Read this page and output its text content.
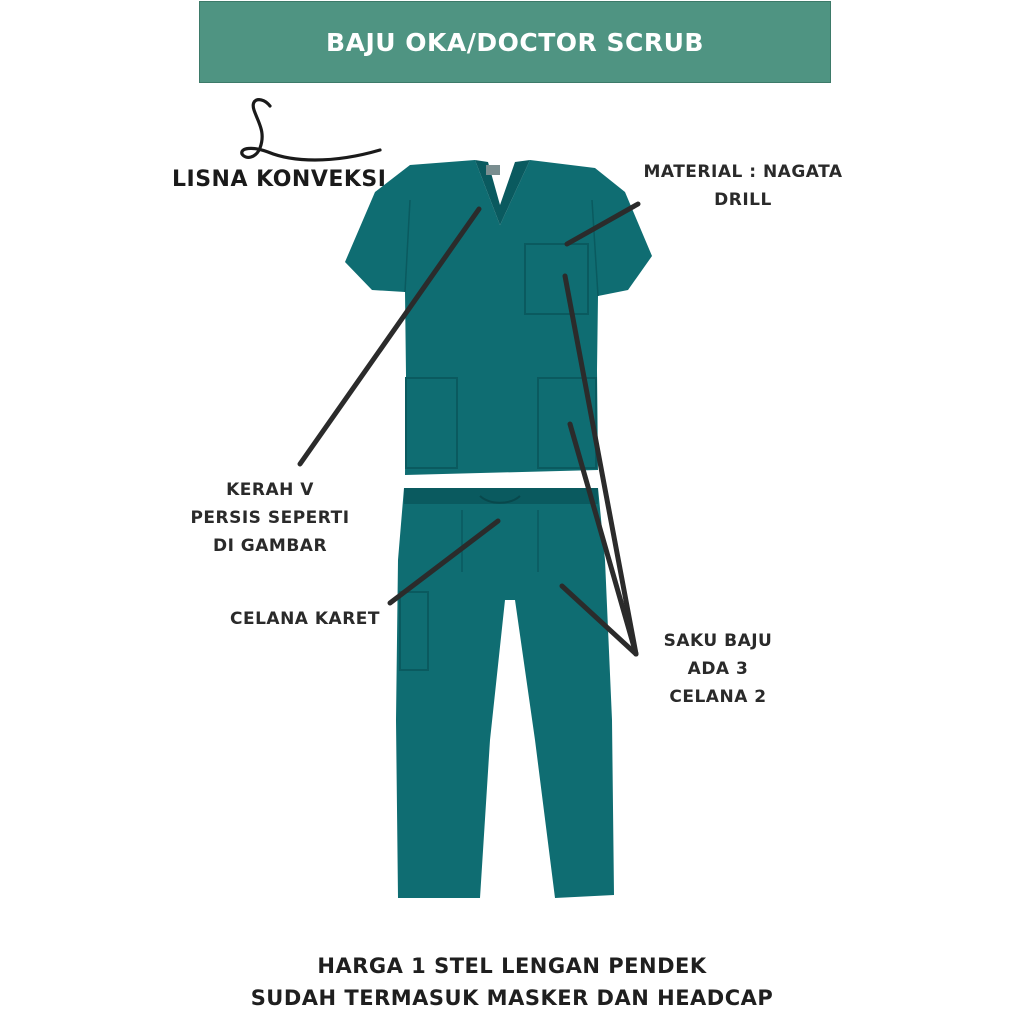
BAJU OKA/DOCTOR SCRUB
LISNA KONVEKSI	MATERIAL : NAGATA
DRILL
KERAH V
PERSIS SEPERTI
DI GAMBAR
CELANA KARET
SAKU BAJU
ADA 3
CELANA 2
HARGA 1 STEL LENGAN PENDEK
SUDAH TERMASUK MASKER DAN HEADCAP
